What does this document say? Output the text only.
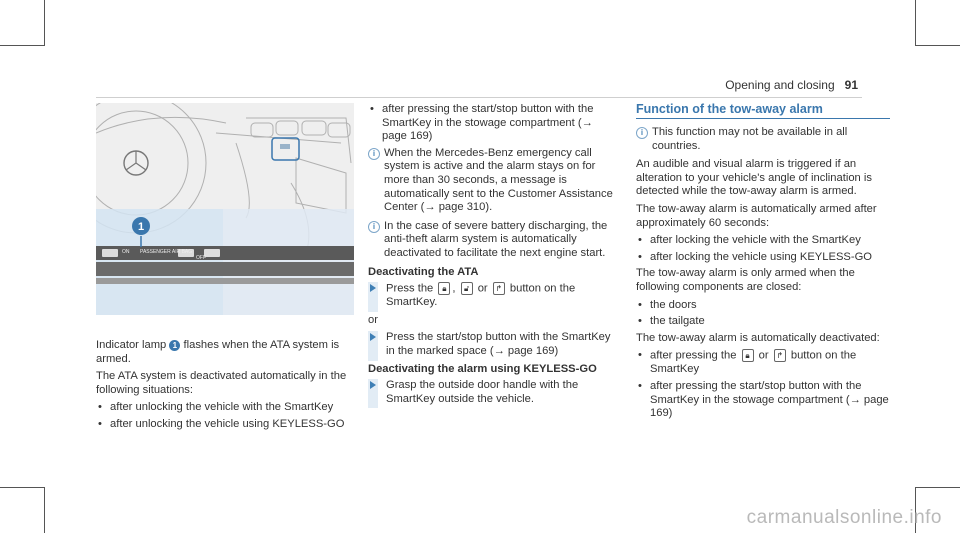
Opening and closing 91
ON PASSENGER AIR BAG
OFF
1

Indicator lamp 1 flashes when the ATA system is armed.

The ATA system is deactivated automatically in the following situations:

• after unlocking the vehicle with the SmartKey
• after unlocking the vehicle using KEYLESS-GO
• after pressing the start/stop button with the SmartKey in the stowage compartment (→ page 169)
i When the Mercedes-Benz emergency call system is active and the alarm stays on for more than 30 seconds, a message is automatically sent to the Customer Assistance Center (→ page 310).
i In the case of severe battery discharging, the anti-theft alarm system is automatically deactivated to facilitate the next engine start.
Deactivating the ATA
Press the 🔒︎ , 🔓︎ or ↱ button on the SmartKey.

or

Press the start/stop button with the SmartKey in the marked space (→ page 169)
Deactivating the alarm using KEYLESS-GO
Grasp the outside door handle with the SmartKey outside the vehicle.
Function of the tow-away alarm
i This function may not be available in all countries.

An audible and visual alarm is triggered if an alteration to your vehicle's angle of inclination is detected while the tow-away alarm is armed.

The tow-away alarm is automatically armed after approximately 60 seconds:

• after locking the vehicle with the SmartKey
• after locking the vehicle using KEYLESS-GO

The tow-away alarm is only armed when the following components are closed:

• the doors
• the tailgate

The tow-away alarm is automatically deactivated:

• after pressing the 🔒︎ or ↱ button on the SmartKey
• after pressing the start/stop button with the SmartKey in the stowage compartment (→ page 169)
carmanualsonline.info
